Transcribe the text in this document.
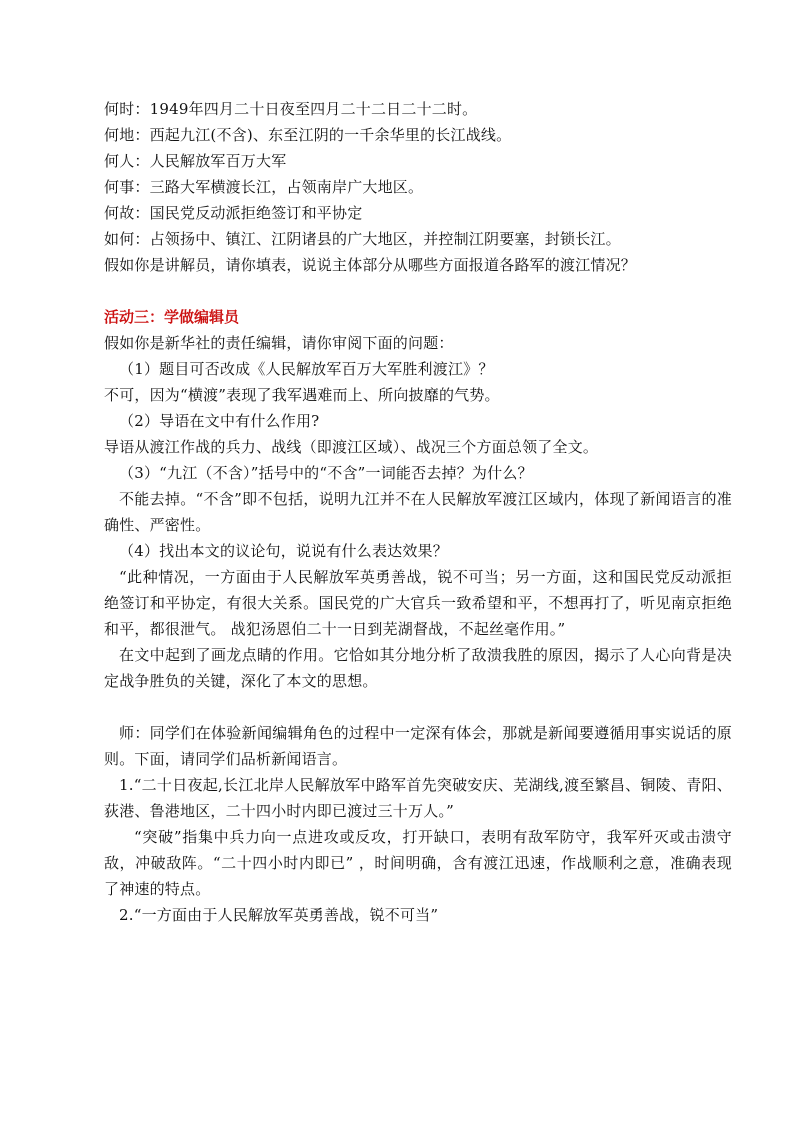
何时：1949年四月二十日夜至四月二十二日二十二时。
何地：西起九江(不含)、东至江阴的一千余华里的长江战线。
何人：人民解放军百万大军
何事：三路大军横渡长江，占领南岸广大地区。
何故：国民党反动派拒绝签订和平协定
如何：占领扬中、镇江、江阴诸县的广大地区，并控制江阴要塞，封锁长江。
假如你是讲解员，请你填表，说说主体部分从哪些方面报道各路军的渡江情况？
活动三：学做编辑员
假如你是新华社的责任编辑，请你审阅下面的问题：
（1）题目可否改成《人民解放军百万大军胜利渡江》？
不可，因为“横渡”表现了我军遇难而上、所向披靡的气势。
（2）导语在文中有什么作用?
导语从渡江作战的兵力、战线（即渡江区域）、战况三个方面总领了全文。
（3）“九江（不含）”括号中的“不含”一词能否去掉？为什么？
不能去掉。“不含”即不包括，说明九江并不在人民解放军渡江区域内，体现了新闻语言的准确性、严密性。
（4）找出本文的议论句，说说有什么表达效果？
“此种情况，一方面由于人民解放军英勇善战，锐不可当；另一方面，这和国民党反动派拒绝签订和平协定，有很大关系。国民党的广大官兵一致希望和平，不想再打了，听见南京拒绝和平，都很泄气。 战犯汤恩伯二十一日到芜湖督战，不起丝毫作用。”
在文中起到了画龙点睛的作用。它恰如其分地分析了敌溃我胜的原因，揭示了人心向背是决定战争胜负的关键，深化了本文的思想。
师：同学们在体验新闻编辑角色的过程中一定深有体会，那就是新闻要遵循用事实说话的原则。下面，请同学们品析新闻语言。
1.“二十日夜起,长江北岸人民解放军中路军首先突破安庆、芜湖线,渡至繁昌、铜陵、青阳、荻港、鲁港地区，二十四小时内即已渡过三十万人。”
“突破”指集中兵力向一点进攻或反攻，打开缺口，表明有敌军防守，我军歼灭或击溃守敌，冲破敌阵。“二十四小时内即已” ，时间明确，含有渡江迅速，作战顺利之意，准确表现了神速的特点。
2.“一方面由于人民解放军英勇善战，锐不可当”
